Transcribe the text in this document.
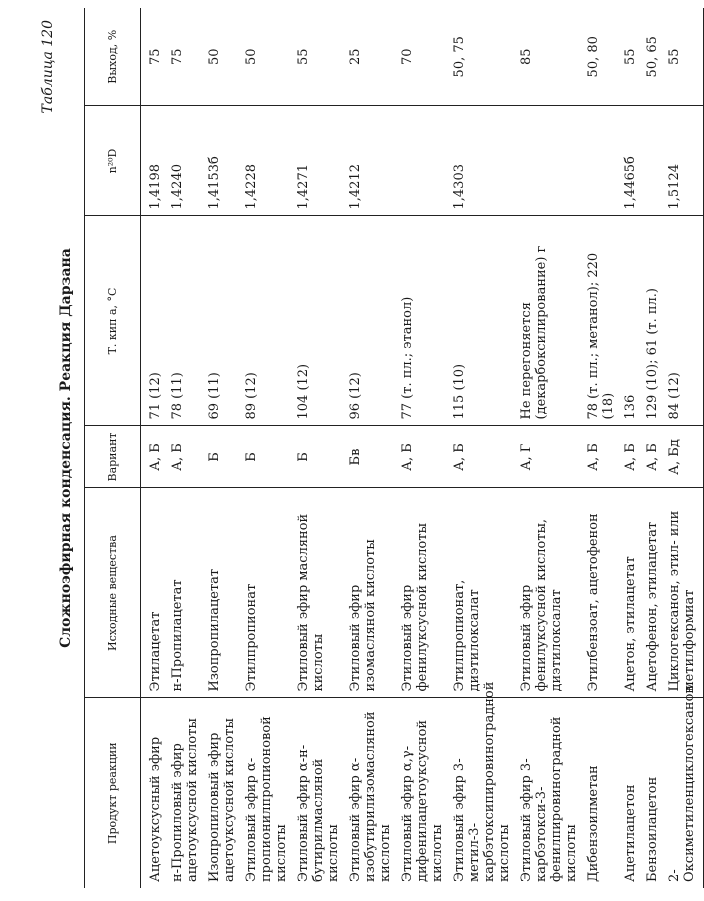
Таблица 120
Сложноэфирная конденсация. Реакция Дарзана
Продукт реакции	Исходные вещества	Вариант	Т. кип а, °С	n²⁰D	Выход, %
Ацетоуксусный эфир	Этилацетат	А, Б	71 (12)	1,4198	75
н-Пропиловый эфир ацетоуксусной кислоты	н-Пропилацетат	А, Б	78 (11)	1,4240	75
Изопропиловый эфир ацетоуксусной кислоты	Изопропилацетат	Б	69 (11)	1,4153б	50
Этиловый эфир α-пропионилпропионовой кислоты	Этилпропионат	Б	89 (12)	1,4228	50
Этиловый эфир α-н-бутирилмасляной кислоты	Этиловый эфир масляной кислоты	Б	104 (12)	1,4271	55
Этиловый эфир α-изобутирилизомасляной кислоты	Этиловый эфир изомасляной кислоты	Бв	96 (12)	1,4212	25
Этиловый эфир α,γ-дифенилацетоуксусной кислоты	Этиловый эфир фенилуксусной кислоты	А, Б	77 (т. пл.; этанол)		70
Этиловый эфир 3-метил-3-карбэтоксипировиноградной кислоты	Этилпропионат, диэтилоксалат	А, Б	115 (10)	1,4303	50, 75
Этиловый эфир 3-карбэтокси-3-фенилпировиноградной кислоты	Этиловый эфир фенилуксусной кислоты, диэтилоксалат	А, Г	Не перегоняется (декарбоксилирование) г		85
Дибензоилметан	Этилбензоат, ацетофенон	А, Б	78 (т. пл.; метанол); 220 (18)		50, 80
Ацетилацетон	Ацетон, этилацетат	А, Б	136	1,4465б	55
Бензоилацетон	Ацетофенон, этилацетат	А, Б	129 (10); 61 (т. пл.)		50, 65
2-Оксиметиленциклогексанон	Циклогексанон, этил- или метилформиат	А, Бд	84 (12)	1,5124	55
